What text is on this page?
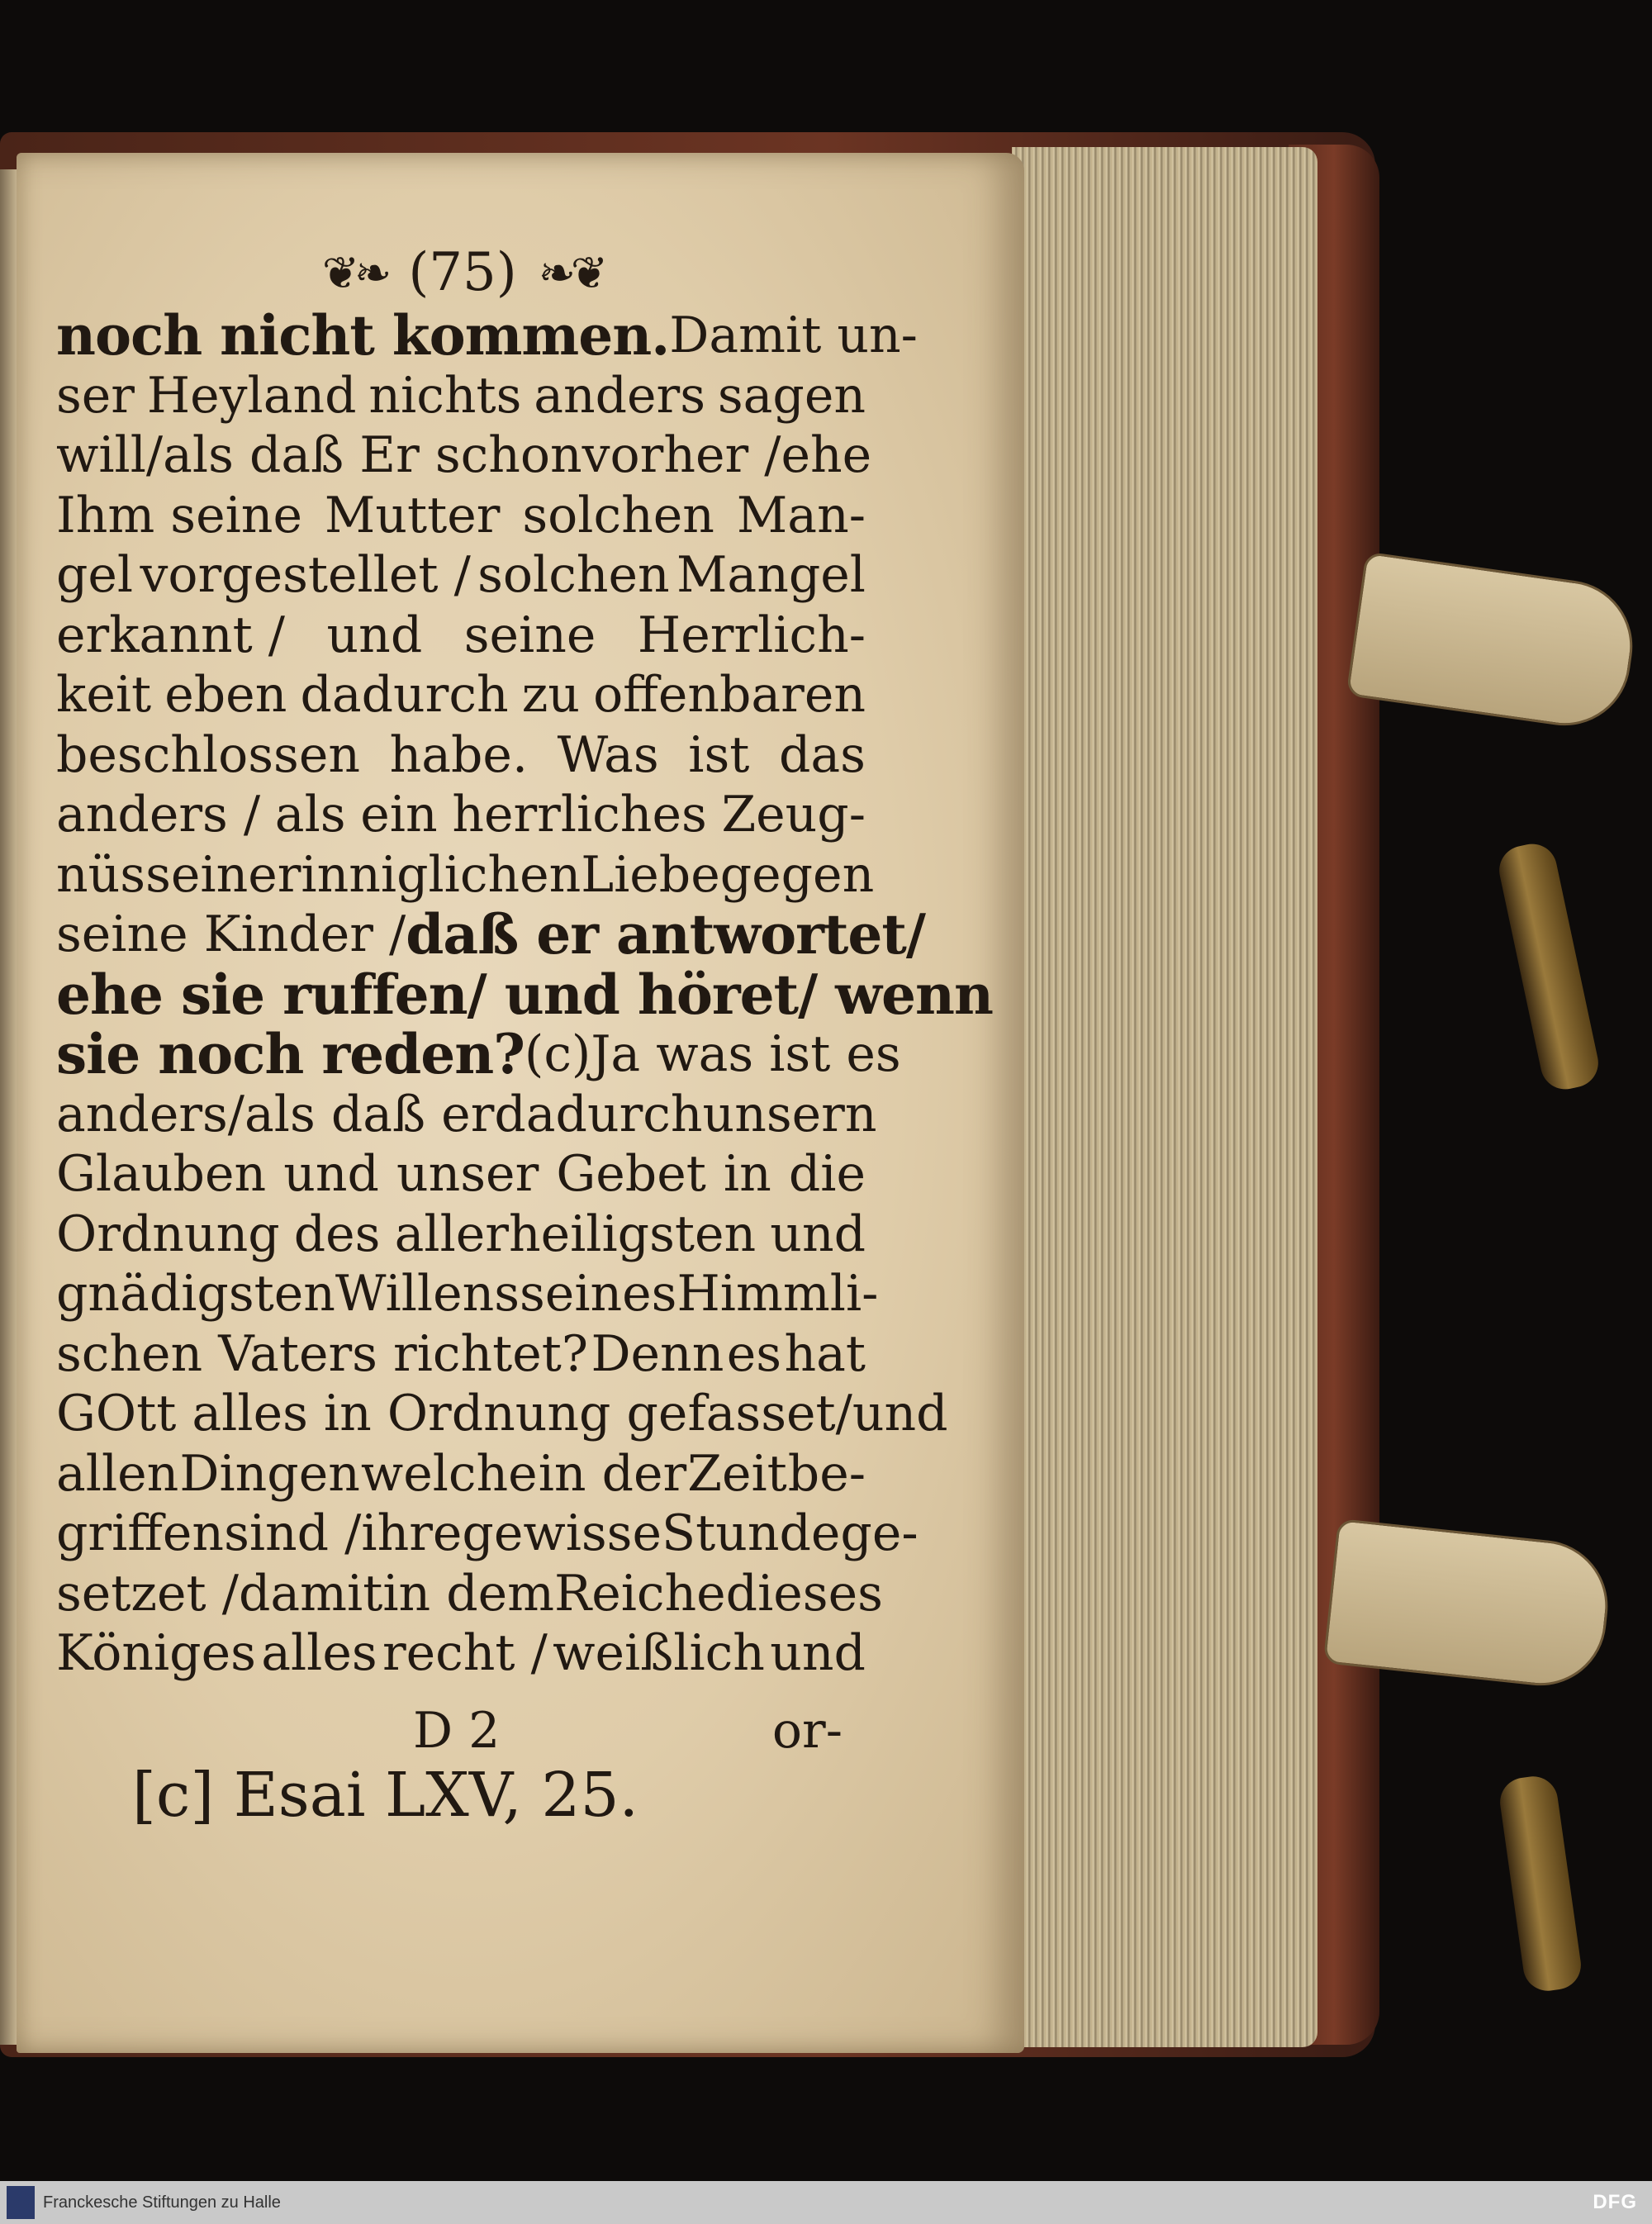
❦❧ (75) ❧❦
noch nicht kommen. Damit un-
ser Heyland nichts anders sagen
will/ als daß Er schon vorher / ehe
Ihm seine Mutter solchen Man-
gel vorgestellet / solchen Mangel
erkannt / und seine Herrlich-
keit eben dadurch zu offenbaren
beschlossen habe. Was ist das
anders / als ein herrliches Zeug-
nüs seiner inniglichen Liebe gegen
seine Kinder / daß er antwortet/
ehe sie ruffen/ und höret/ wenn
sie noch reden? (c) Ja was ist es
anders/ als daß er dadurch unsern
Glauben und unser Gebet in die
Ordnung des allerheiligsten und
gnädigsten Willens seines Himmli-
schen Vaters richtet? Denn es hat
GOtt alles in Ordnung gefasset/ und
allen Dingen welche in der Zeit be-
griffen sind / ihre gewisse Stunde ge-
setzet / damit in dem Reiche dieses
Königes alles recht / weißlich und
D 2	or-
[c] Esai LXV, 25.
Franckesche Stiftungen zu Halle	DFG
